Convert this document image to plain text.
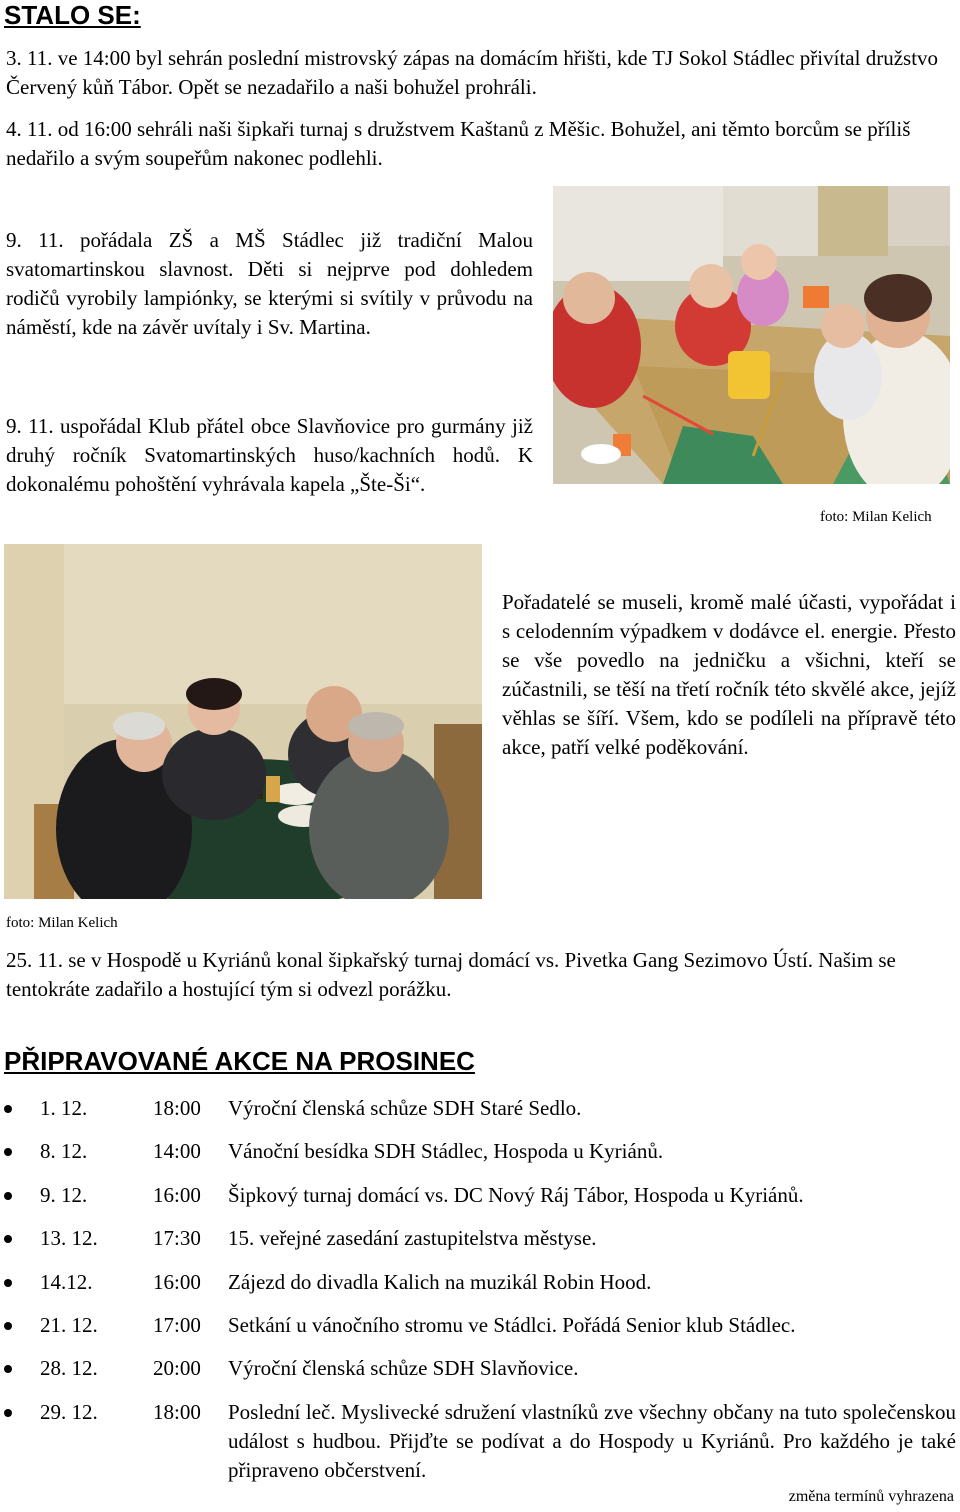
STALO SE:

3. 11. ve 14:00 byl sehrán poslední mistrovský zápas na domácím hřišti, kde TJ Sokol Stádlec přivítal družstvo Červený kůň Tábor. Opět se nezadařilo a naši bohužel prohráli.

4. 11. od 16:00 sehráli naši šipkaři turnaj s družstvem Kaštanů z Měšic. Bohužel, ani těmto borcům se příliš nedařilo a svým soupeřům nakonec podlehli.

9. 11. pořádala ZŠ a MŠ Stádlec již tradiční Malou svatomartinskou slavnost. Děti si nejprve pod dohledem rodičů vyrobily lampiónky, se kterými si svítily v průvodu na náměstí, kde na závěr uvítaly i Sv. Martina.

9. 11. uspořádal Klub přátel obce Slavňovice pro gurmány již druhý ročník Svatomartinských huso/kachních hodů. K dokonalému pohoštění vyhrávala kapela „Šte-Ši“.

foto: Milan Kelich
foto: Milan Kelich

Pořadatelé se museli, kromě malé účasti, vypořádat i s celodenním výpadkem v dodávce el. energie. Přesto se vše povedlo na jedničku a všichni, kteří se zúčastnili, se těší na třetí ročník této skvělé akce, jejíž věhlas se šíří. Všem, kdo se podíleli na přípravě této akce, patří velké poděkování.

25. 11. se v Hospodě u Kyriánů konal šipkařský turnaj domácí vs. Pivetka Gang Sezimovo Ústí. Našim se tentokráte zadařilo a hostující tým si odvezl porážku.

PŘIPRAVOVANÉ AKCE NA PROSINEC
1. 12.	18:00 Výroční členská schůze SDH Staré Sedlo.
8. 12.	14:00 Vánoční besídka SDH Stádlec, Hospoda u Kyriánů.
9. 12.	16:00 Šipkový turnaj domácí vs. DC Nový Ráj Tábor, Hospoda u Kyriánů.
13. 12.	17:30 15. veřejné zasedání zastupitelstva městyse.
14.12.	16:00 Zájezd do divadla Kalich na muzikál Robin Hood.
21. 12.	17:00 Setkání u vánočního stromu ve Stádlci. Pořádá Senior klub Stádlec.
28. 12.	20:00 Výroční členská schůze SDH Slavňovice.
29. 12.	18:00 Poslední leč. Myslivecké sdružení vlastníků zve všechny občany na tuto společenskou událost s hudbou. Přijďte se podívat a do Hospody u Kyriánů. Pro každého je také připraveno občerstvení.
změna termínů vyhrazena
